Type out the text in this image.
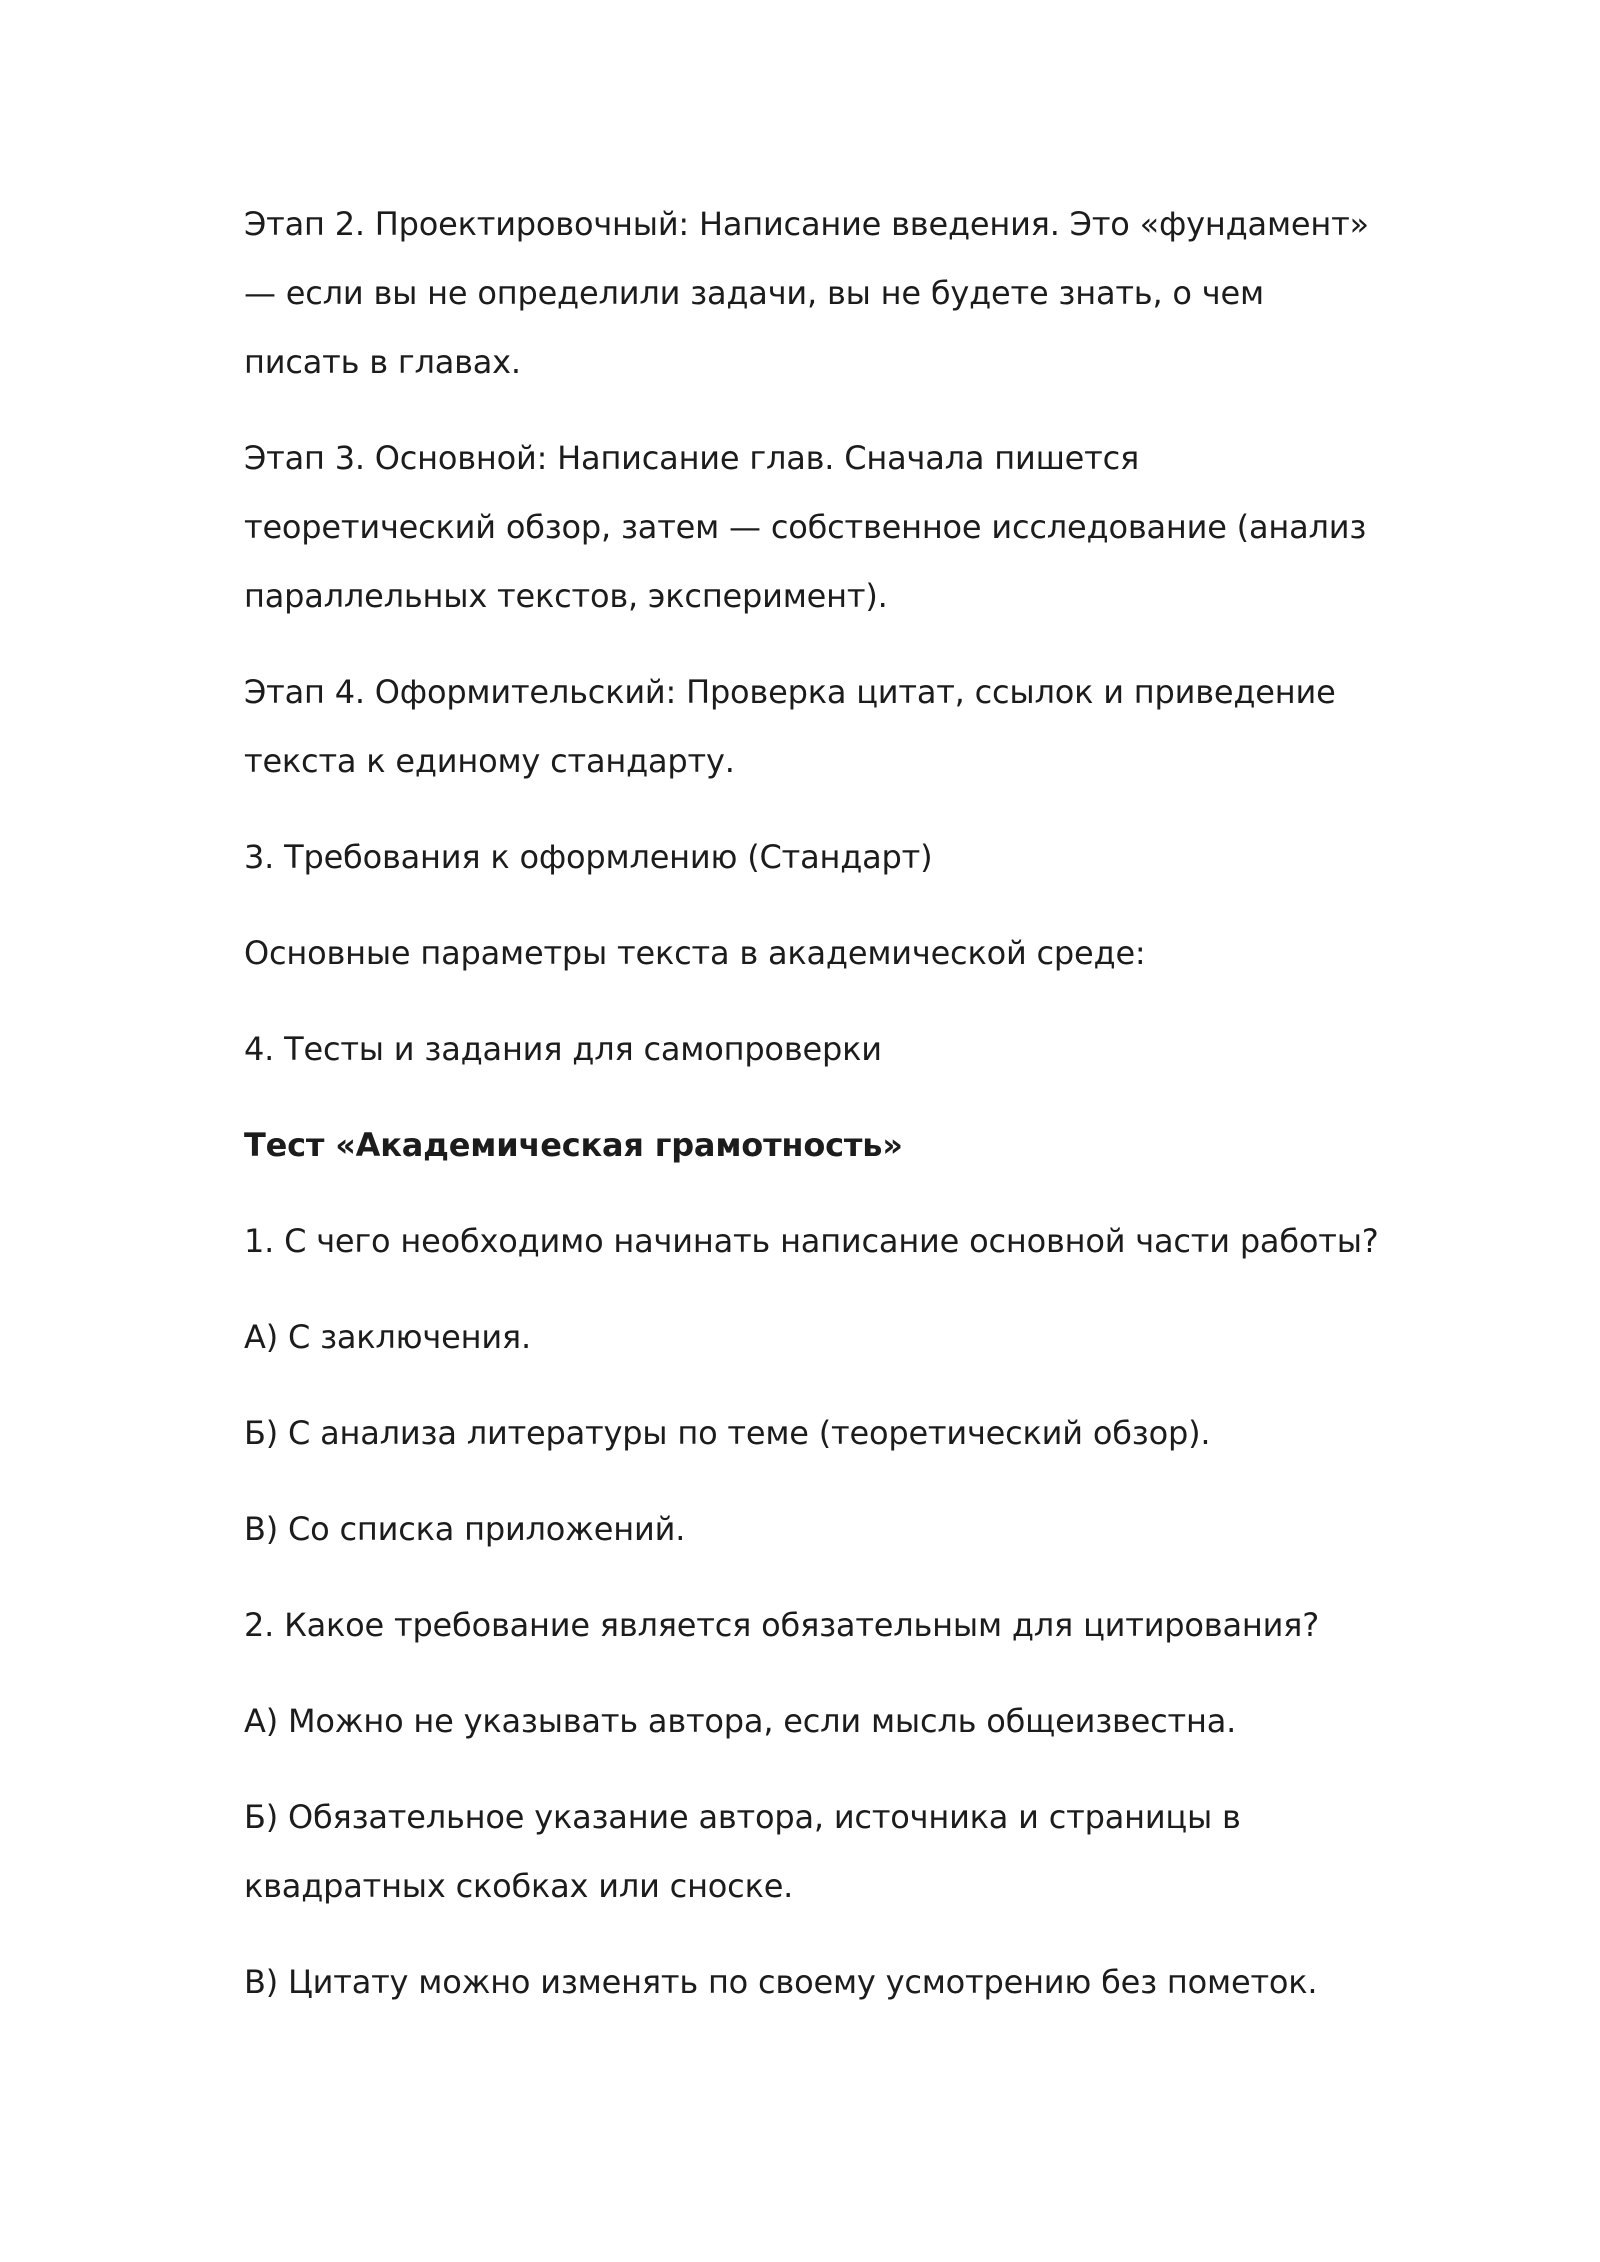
Этап 2. Проектировочный: Написание введения. Это «фундамент» — если вы не определили задачи, вы не будете знать, о чем писать в главах.

Этап 3. Основной: Написание глав. Сначала пишется теоретический обзор, затем — собственное исследование (анализ параллельных текстов, эксперимент).

Этап 4. Оформительский: Проверка цитат, ссылок и приведение текста к единому стандарту.

3. Требования к оформлению (Стандарт)

Основные параметры текста в академической среде:

4. Тесты и задания для самопроверки

Тест «Академическая грамотность»

1. С чего необходимо начинать написание основной части работы?

А) С заключения.

Б) С анализа литературы по теме (теоретический обзор).

В) Со списка приложений.

2. Какое требование является обязательным для цитирования?

А) Можно не указывать автора, если мысль общеизвестна.

Б) Обязательное указание автора, источника и страницы в квадратных скобках или сноске.

В) Цитату можно изменять по своему усмотрению без пометок.
